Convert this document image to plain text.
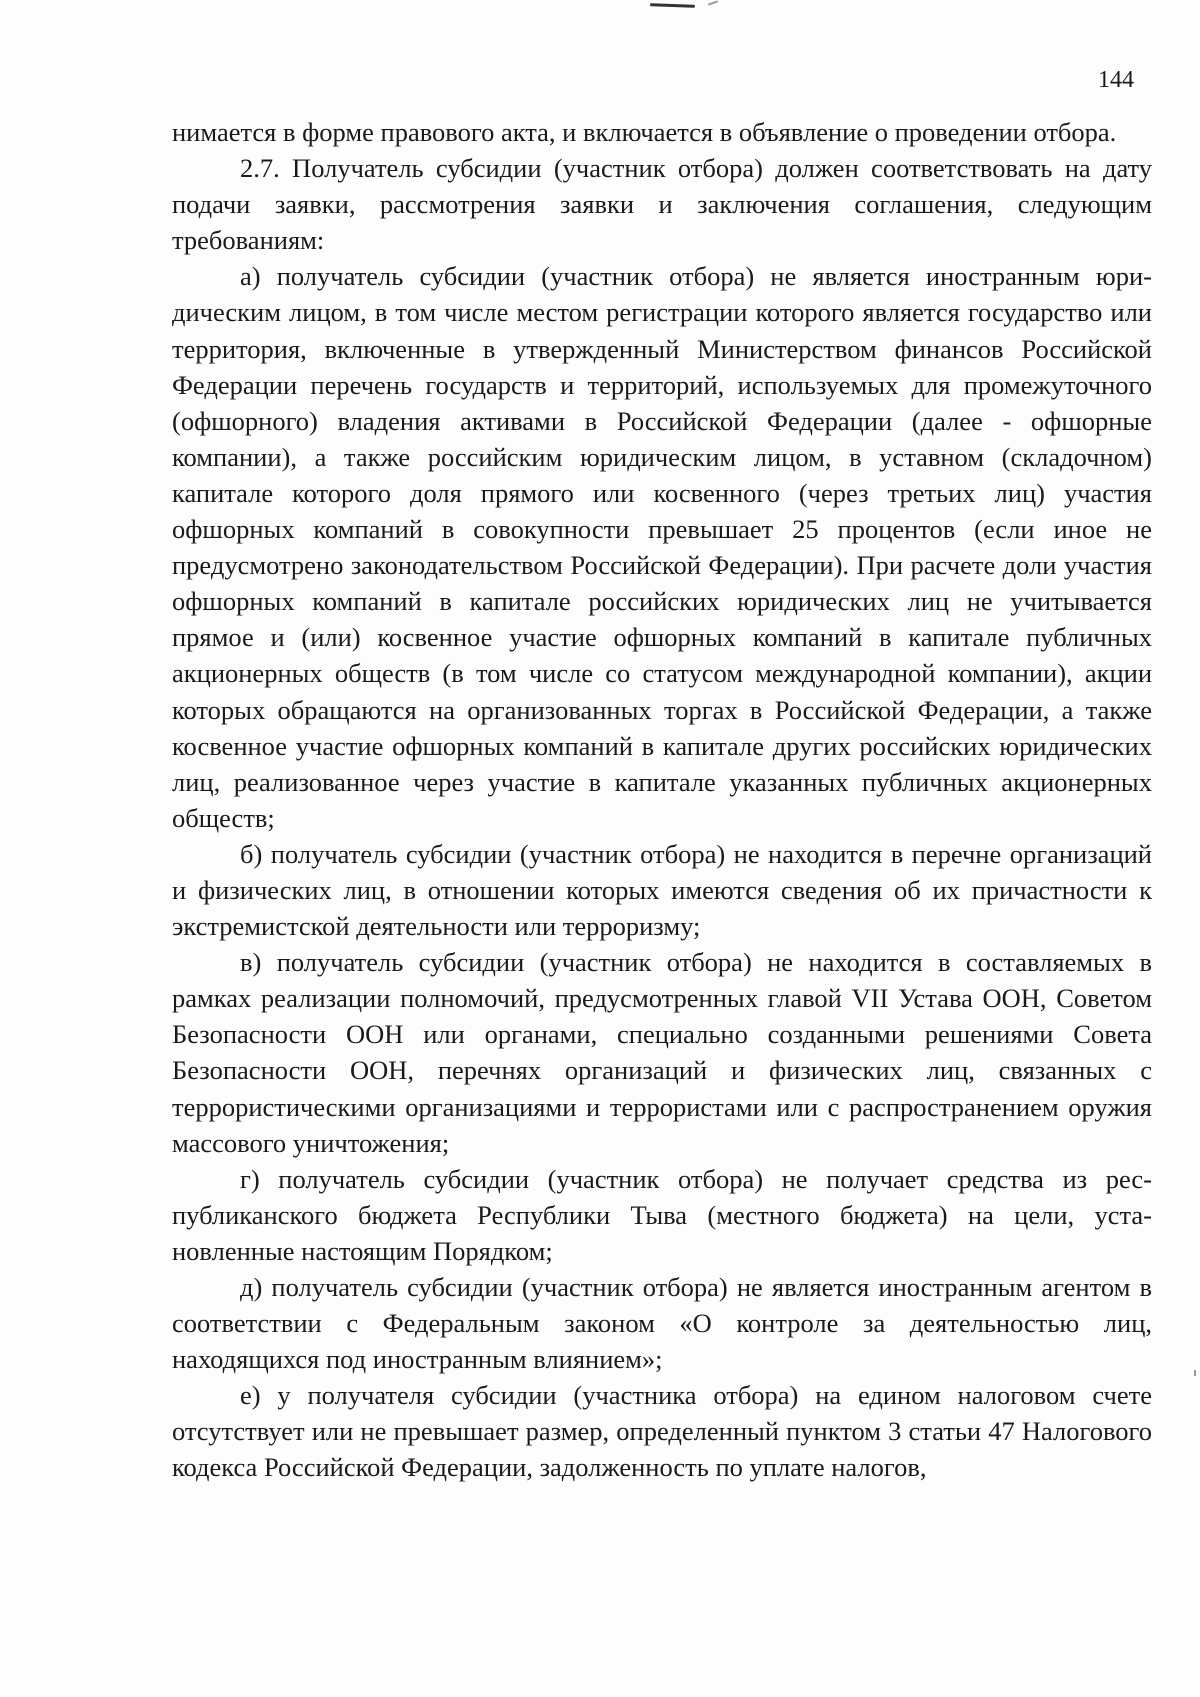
144

нимается в форме правового акта, и включается в объявление о проведении отбора.

2.7. Получатель субсидии (участник отбора) должен соответствовать на дату подачи заявки, рассмотрения заявки и заключения соглашения, следующим требованиям:

а) получатель субсидии (участник отбора) не является иностранным юридическим лицом, в том числе местом регистрации которого является государство или территория, включенные в утвержденный Министерством финансов Российской Федерации перечень государств и территорий, используемых для промежуточного (офшорного) владения активами в Российской Федерации (далее - офшорные компании), а также российским юридическим лицом, в уставном (складочном) капитале которого доля прямого или косвенного (через третьих лиц) участия офшорных компаний в совокупности превышает 25 процентов (если иное не предусмотрено законодательством Российской Федерации). При расчете доли участия офшорных компаний в капитале российских юридических лиц не учитывается прямое и (или) косвенное участие офшорных компаний в капитале публичных акционерных обществ (в том числе со статусом международной компании), акции которых обращаются на организованных торгах в Российской Федерации, а также косвенное участие офшорных компаний в капитале других российских юридических лиц, реализованное через участие в капитале указанных публичных акционерных обществ;

б) получатель субсидии (участник отбора) не находится в перечне организаций и физических лиц, в отношении которых имеются сведения об их причастности к экстремистской деятельности или терроризму;

в) получатель субсидии (участник отбора) не находится в составляемых в рамках реализации полномочий, предусмотренных главой VII Устава ООН, Советом Безопасности ООН или органами, специально созданными решениями Совета Безопасности ООН, перечнях организаций и физических лиц, связанных с террористическими организациями и террористами или с распространением оружия массового уничтожения;

г) получатель субсидии (участник отбора) не получает средства из республиканского бюджета Республики Тыва (местного бюджета) на цели, установленные настоящим Порядком;

д) получатель субсидии (участник отбора) не является иностранным агентом в соответствии с Федеральным законом «О контроле за деятельностью лиц, находящихся под иностранным влиянием»;

е) у получателя субсидии (участника отбора) на едином налоговом счете отсутствует или не превышает размер, определенный пунктом 3 статьи 47 Налогового кодекса Российской Федерации, задолженность по уплате налогов,
